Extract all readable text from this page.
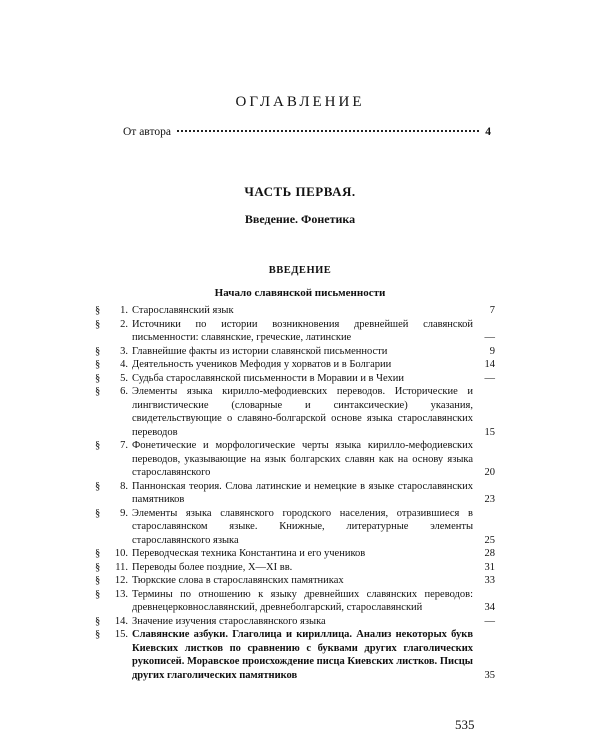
ОГЛАВЛЕНИЕ
От автора	4
ЧАСТЬ ПЕРВАЯ.
Введение. Фонетика
ВВЕДЕНИЕ
Начало славянской письменности
§	1. Старославянский язык	7
§	2. Источники по истории возникновения древнейшей славянской письменности: славянские, греческие, латинские	—
§	3. Главнейшие факты из истории славянской письменности	9
§	4. Деятельность учеников Мефодия у хорватов и в Болгарии	14
§	5. Судьба старославянской письменности в Моравии и в Чехии	—
§	6. Элементы языка кирилло-мефодиевских переводов. Исторические и лингвистические (словарные и синтаксические) указания, свидетельствующие о славяно-болгарской основе языка старославянских переводов	15
§	7. Фонетические и морфологические черты языка кирилло-мефодиевских переводов, указывающие на язык болгарских славян как на основу языка старославянского	20
§	8. Паннонская теория. Слова латинские и немецкие в языке старославянских памятников	23
§	9. Элементы языка славянского городского населения, отразившиеся в старославянском языке. Книжные, литературные элементы старославянского языка	25
§	10. Переводческая техника Константина и его учеников	28
§	11. Переводы более поздние, X—XI вв.	31
§	12. Тюркские слова в старославянских памятниках	33
§	13. Термины по отношению к языку древнейших славянских переводов: древнецерковнославянский, древнеболгарский, старославянский	34
§	14. Значение изучения старославянского языка	—
§	15. Славянские азбуки. Глаголица и кириллица. Анализ некоторых букв Киевских листков по сравнению с буквами других глаголических рукописей. Моравское происхождение писца Киевских листков. Писцы других глаголических памятников	35
535
